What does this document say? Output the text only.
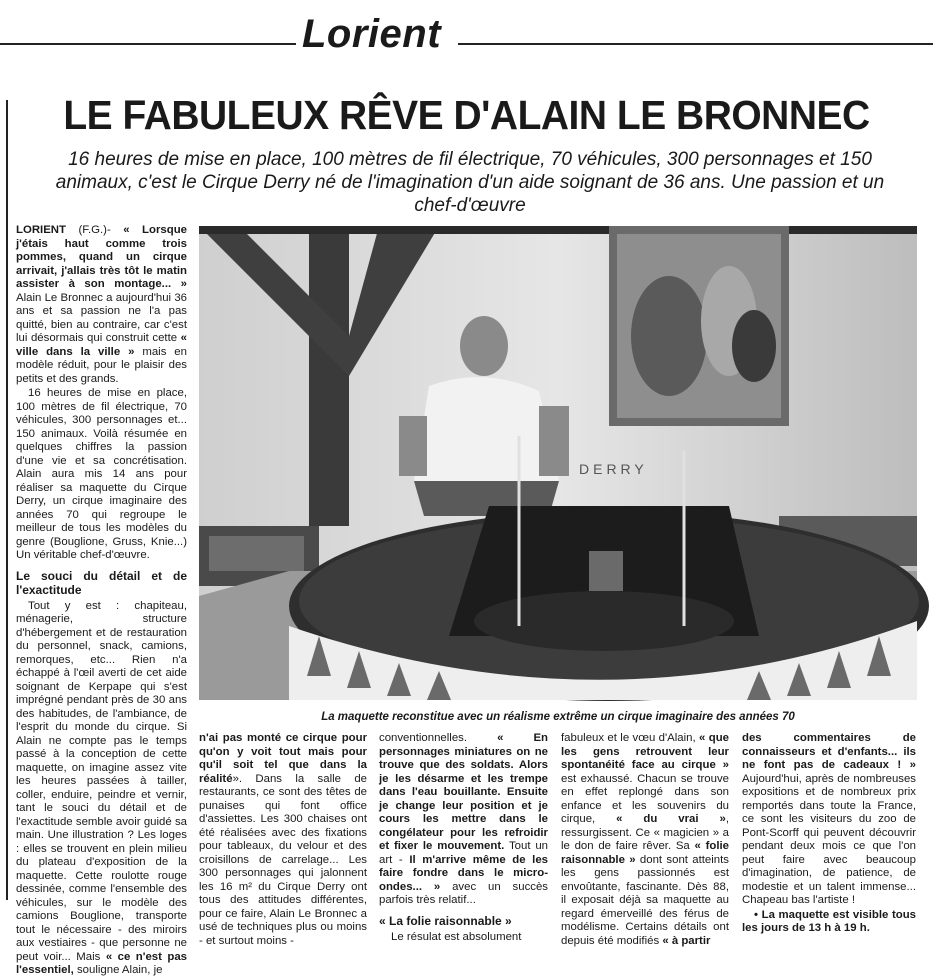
Lorient
LE FABULEUX RÊVE D'ALAIN LE BRONNEC

16 heures de mise en place, 100 mètres de fil électrique, 70 véhicules, 300 personnages et 150 animaux, c'est le Cirque Derry né de l'imagination d'un aide soignant de 36 ans. Une passion et un chef-d'œuvre

LORIENT (F.G.)- « Lorsque j'étais haut comme trois pommes, quand un cirque arrivait, j'allais très tôt le matin assister à son montage... » Alain Le Bronnec a aujourd'hui 36 ans et sa passion ne l'a pas quitté, bien au contraire, car c'est lui désormais qui construit cette « ville dans la ville » mais en modèle réduit, pour le plaisir des petits et des grands.

16 heures de mise en place, 100 mètres de fil électrique, 70 véhicules, 300 personnages et... 150 animaux. Voilà résumée en quelques chiffres la passion d'une vie et sa concrétisation. Alain aura mis 14 ans pour réaliser sa maquette du Cirque Derry, un cirque imaginaire des années 70 qui regroupe le meilleur de tous les modèles du genre (Bouglione, Gruss, Knie...) Un véritable chef-d'œuvre.

Le souci du détail et de l'exactitude

Tout y est : chapiteau, ménagerie, structure d'hébergement et de restauration du personnel, snack, camions, remorques, etc... Rien n'a échappé à l'œil averti de cet aide soignant de Kerpape qui s'est imprégné pendant près de 30 ans des habitudes, de l'ambiance, de l'esprit du monde du cirque. Si Alain ne compte pas le temps passé à la conception de cette maquette, on imagine assez vite les heures passées à tailler, coller, enduire, peindre et vernir, tant le souci du détail et de l'exactitude semble avoir guidé sa main. Une illustration ? Les loges : elles se trouvent en plein milieu du plateau d'exposition de la maquette. Cette roulotte rouge dessinée, comme l'ensemble des véhicules, sur le modèle des camions Bouglione, transporte tout le nécessaire - des miroirs aux vestiaires - que personne ne peut voir... Mais « ce n'est pas l'essentiel, souligne Alain, je

DERRY

La maquette reconstitue avec un réalisme extrême un cirque imaginaire des années 70

n'ai pas monté ce cirque pour qu'on y voit tout mais pour qu'il soit tel que dans la réalité». Dans la salle de restaurants, ce sont des têtes de punaises qui font office d'assiettes. Les 300 chaises ont été réalisées avec des fixations pour tableaux, du velour et des croisillons de carrelage... Les 300 personnages qui jalonnent les 16 m² du Cirque Derry ont tous des attitudes différentes, pour ce faire, Alain Le Bronnec a usé de techniques plus ou moins - et surtout moins -

conventionnelles.	« En personnages miniatures on ne trouve que des soldats. Alors je les désarme et les trempe dans l'eau bouillante. Ensuite je change leur position et je cours les mettre dans le congélateur pour les refroidir et fixer le mouvement. Tout un art - Il m'arrive même de les faire fondre dans le micro-ondes... » avec un succès parfois très relatif...

« La folie raisonnable »

Le résulat est absolument

fabuleux et le vœu d'Alain, « que les gens retrouvent leur spontanéité face au cirque » est exhaussé. Chacun se trouve en effet replongé dans son enfance et les souvenirs du cirque, « du vrai », ressurgissent. Ce « magicien » a le don de faire rêver. Sa « folie raisonnable » dont sont atteints les gens passionnés est envoûtante, fascinante. Dès 88, il exposait déjà sa maquette au regard émerveillé des férus de modélisme. Certains détails ont depuis été modifiés « à partir

des commentaires de connaisseurs et d'enfants... ils ne font pas de cadeaux ! » Aujourd'hui, après de nombreuses expositions et de nombreux prix remportés dans toute la France, ce sont les visiteurs du zoo de Pont-Scorff qui peuvent découvrir pendant deux mois ce que l'on peut faire avec beaucoup d'imagination, de patience, de modestie et un talent immense... Chapeau bas l'artiste !

• La maquette est visible tous les jours de 13 h à 19 h.
